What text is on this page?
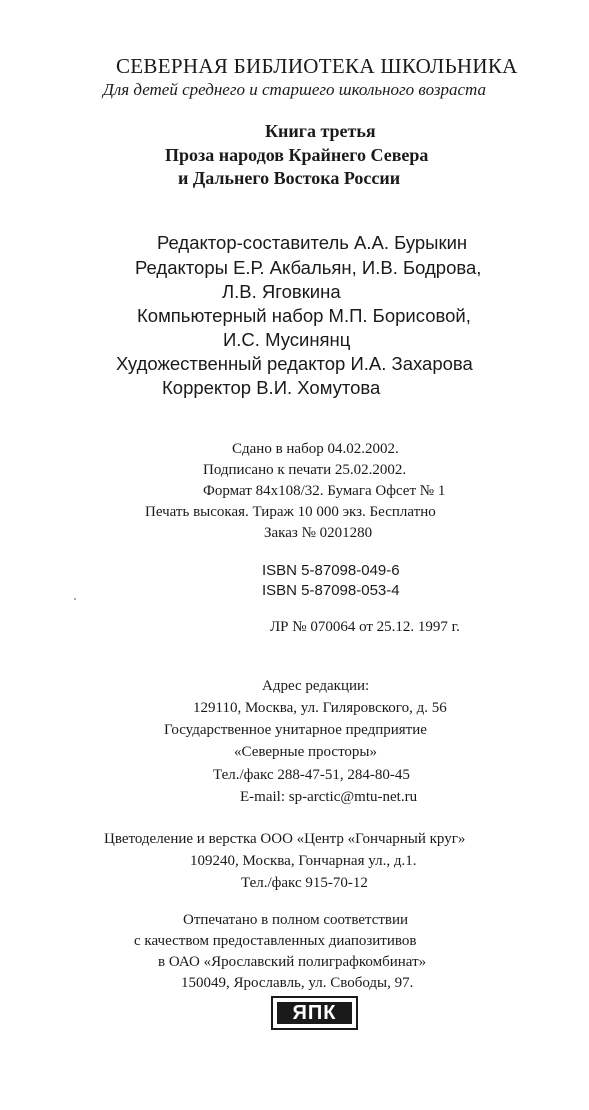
СЕВЕРНАЯ БИБЛИОТЕКА ШКОЛЬНИКА
Для детей среднего и старшего школьного возраста
Книга третья
Проза народов Крайнего Севера
и Дальнего Востока России
Редактор-составитель А.А. Бурыкин
Редакторы Е.Р. Акбальян, И.В. Бодрова,
Л.В. Яговкина
Компьютерный набор М.П. Борисовой,
И.С. Мусинянц
Художественный редактор И.А. Захарова
Корректор В.И. Хомутова
Сдано в набор 04.02.2002.
Подписано к печати 25.02.2002.
Формат 84x108/32. Бумага Офсет № 1
Печать высокая. Тираж 10 000 экз. Бесплатно
Заказ № 0201280
ISBN 5-87098-049-6
ISBN 5-87098-053-4
ЛР № 070064 от 25.12. 1997 г.
Адрес редакции:
129110, Москва, ул. Гиляровского, д. 56
Государственное унитарное предприятие
«Северные просторы»
Тел./факс 288-47-51, 284-80-45
E-mail: sp-arctic@mtu-net.ru
Цветоделение и верстка ООО «Центр «Гончарный круг»
109240, Москва, Гончарная ул., д.1.
Тел./факс 915-70-12
Отпечатано в полном соответствии
с качеством предоставленных диапозитивов
в ОАО «Ярославский полиграфкомбинат»
150049, Ярославль, ул. Свободы, 97.
ЯПК
